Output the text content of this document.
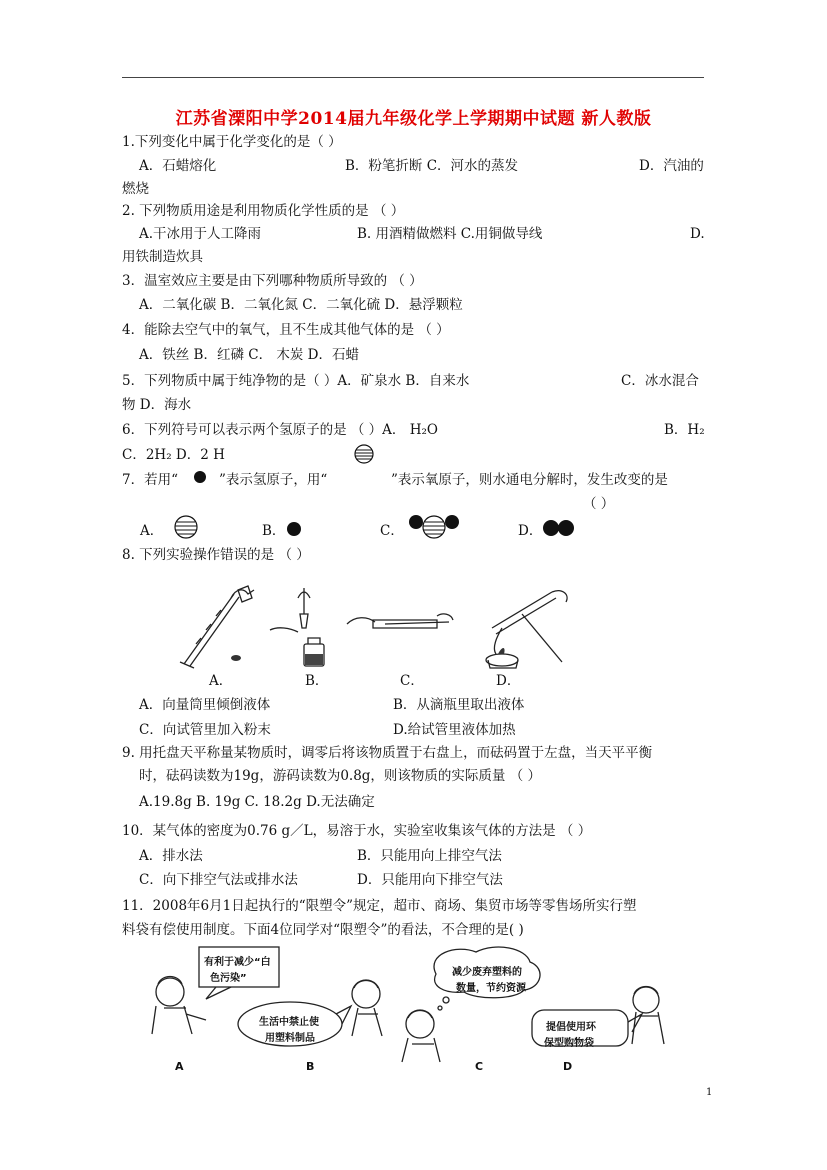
江苏省溧阳中学2014届九年级化学上学期期中试题 新人教版
1.下列变化中属于化学变化的是（ ）
A．石蜡熔化	B．粉笔折断 C．河水的蒸发	D．汽油的
燃烧
2. 下列物质用途是利用物质化学性质的是 （ ）
A.干冰用于人工降雨	B. 用酒精做燃料 C.用铜做导线	D.
用铁制造炊具
3．温室效应主要是由下列哪种物质所导致的 （ ）
A．二氧化碳 B．二氧化氮 C．二氧化硫 D．悬浮颗粒
4．能除去空气中的氧气，且不生成其他气体的是 （ ）
A．铁丝 B．红磷 C． 木炭 D．石蜡
5．下列物质中属于纯净物的是（ ）A．矿泉水 B．自来水	C．冰水混合
物 D．海水
6．下列符号可以表示两个氢原子的是 （ ）A． H₂O	B．H₂
C．2H₂ D．2 H
7．若用“	”表示氢原子，用“	”表示氧原子，则水通电分解时，发生改变的是
（ ）
A．	B．	C．	D．
8. 下列实验操作错误的是 （ ）
A．	B．	C．	D．
A．向量筒里倾倒液体	B．从滴瓶里取出液体
C．向试管里加入粉末	D.给试管里液体加热
9. 用托盘天平称量某物质时，调零后将该物质置于右盘上，而砝码置于左盘，当天平平衡
时，砝码读数为19g，游码读数为0.8g，则该物质的实际质量 （ ）
A.19.8g B. 19g C. 18.2g D.无法确定
10．某气体的密度为0.76 g／L，易溶于水，实验室收集该气体的方法是 （ ）
A．排水法	B．只能用向上排空气法
C．向下排空气法或排水法	D．只能用向下排空气法
11．2008年6月1日起执行的“限塑令”规定，超市、商场、集贸市场等零售场所实行塑
料袋有偿使用制度。下面4位同学对“限塑令”的看法，不合理的是( )
有利于减少“白
色污染”
生活中禁止使
用塑料制品
减少废弃塑料的
数量，节约资源
提倡使用环
保型购物袋
A	B	C	D
1
